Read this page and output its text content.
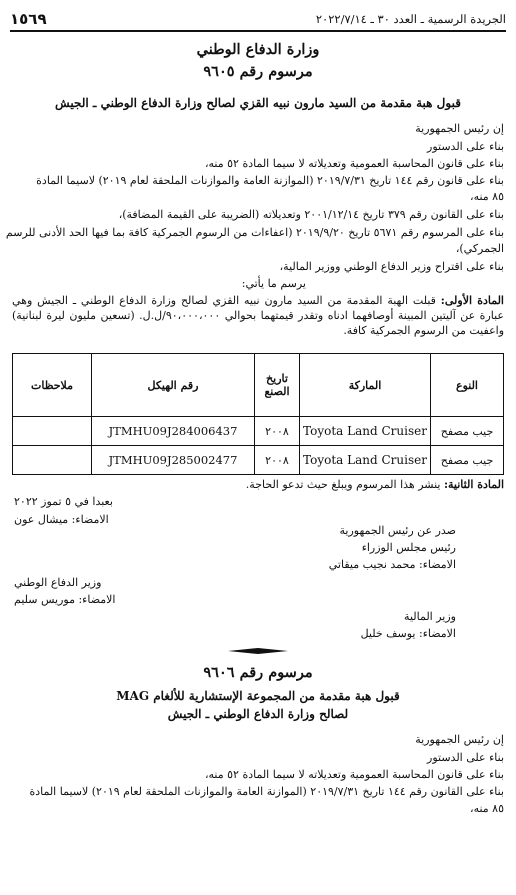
الجريدة الرسمية ـ العدد ٣٠ ـ ٢٠٢٢/٧/١٤
١٥٦٩
وزارة الدفاع الوطني
مرسوم رقم ٩٦٠٥
قبول هبة مقدمة من السيد مارون نبيه القزي لصالح وزارة الدفاع الوطني ـ الجيش
إن رئيس الجمهورية
بناء على الدستور
بناء على قانون المحاسبة العمومية وتعديلاته لا سيما المادة ٥٢ منه،
بناء على قانون رقم ١٤٤ تاريخ ٢٠١٩/٧/٣١ (الموازنة العامة والموازنات الملحقة لعام ٢٠١٩) لاسيما المادة
٨٥ منه،
بناء على القانون رقم ٣٧٩ تاريخ ٢٠٠١/١٢/١٤ وتعديلاته (الضريبة على القيمة المضافة)،
بناء على المرسوم رقم ٥٦٧١ تاريخ ٢٠١٩/٩/٢٠ (اعفاءات من الرسوم الجمركية كافة بما فيها الحد الأدنى للرسم
الجمركي)،
بناء على اقتراح وزير الدفاع الوطني ووزير المالية،
يرسم ما يأتي:
المادة الأولى: قبلت الهبة المقدمة من السيد مارون نبيه القزي لصالح وزارة الدفاع الوطني ـ الجيش وهي عبارة عن آليتين المبينة أوصافهما ادناه وتقدر قيمتهما بحوالي ٩٠،٠٠٠،٠٠٠/ل.ل. (تسعين مليون ليرة لبنانية) واعفيت من الرسوم الجمركية كافة.
النوع	الماركة	تاريخ الصنع	رقم الهيكل	ملاحظات
جيب مصفح	Toyota Land Cruiser	٢٠٠٨	JTMHU09J284006437	
جيب مصفح	Toyota Land Cruiser	٢٠٠٨	JTMHU09J285002477	
المادة الثانية: ينشر هذا المرسوم ويبلغ حيث تدعو الحاجة.
بعبدا في ٥ تموز ٢٠٢٢
الامضاء: ميشال عون
صدر عن رئيس الجمهورية
رئيس مجلس الوزراء
الامضاء: محمد نجيب ميقاتي
وزير الدفاع الوطني
الامضاء: موريس سليم
وزير المالية
الامضاء: يوسف خليل
مرسوم رقم ٩٦٠٦
قبول هبة مقدمة من المجموعة الإستشارية للألغام MAG
لصالح وزارة الدفاع الوطني ـ الجيش
إن رئيس الجمهورية
بناء على الدستور
بناء على قانون المحاسبة العمومية وتعديلاته لا سيما المادة ٥٢ منه،
بناء على القانون رقم ١٤٤ تاريخ ٢٠١٩/٧/٣١ (الموازنة العامة والموازنات الملحقة لعام ٢٠١٩) لاسيما المادة
٨٥ منه،
